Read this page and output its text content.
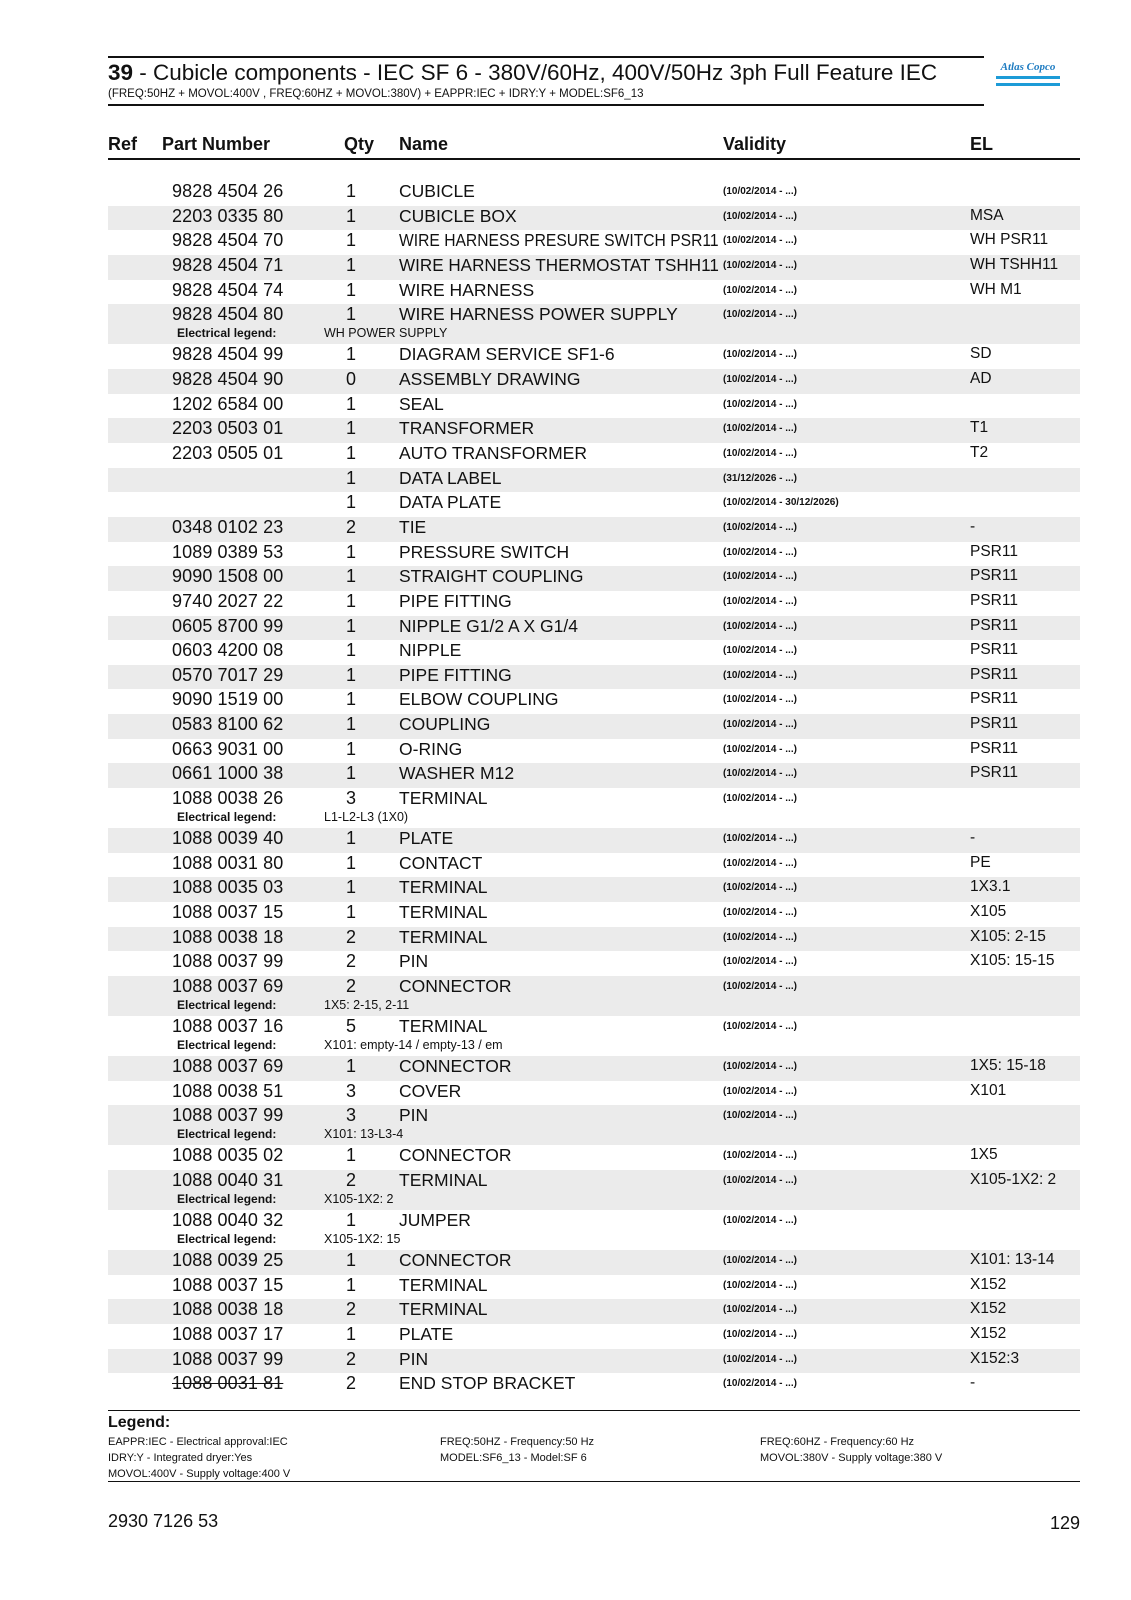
39 - Cubicle components - IEC SF 6 - 380V/60Hz, 400V/50Hz 3ph Full Feature IEC
(FREQ:50HZ + MOVOL:400V , FREQ:60HZ + MOVOL:380V) + EAPPR:IEC + IDRY:Y + MODEL:SF6_13
Atlas Copco
Ref Part Number	Qty Name	Validity	EL
9828 4504 26	1 CUBICLE	(10/02/2014 - ...)
2203 0335 80	1 CUBICLE BOX	(10/02/2014 - ...)	MSA
9828 4504 70	1 WIRE HARNESS PRESURE SWITCH PSR11 (10/02/2014 - ...)	WH PSR11
9828 4504 71	1 WIRE HARNESS THERMOSTAT TSHH11 (10/02/2014 - ...)	WH TSHH11
9828 4504 74	1 WIRE HARNESS	(10/02/2014 - ...)	WH M1
9828 4504 80	1 WIRE HARNESS POWER SUPPLY	(10/02/2014 - ...)
Electrical legend:	WH POWER SUPPLY
9828 4504 99	1 DIAGRAM SERVICE SF1-6	(10/02/2014 - ...)	SD
9828 4504 90	0 ASSEMBLY DRAWING	(10/02/2014 - ...)	AD
1202 6584 00	1 SEAL	(10/02/2014 - ...)
2203 0503 01	1 TRANSFORMER	(10/02/2014 - ...)	T1
2203 0505 01	1 AUTO TRANSFORMER	(10/02/2014 - ...)	T2
1 DATA LABEL	(31/12/2026 - ...)
1 DATA PLATE	(10/02/2014 - 30/12/2026)
0348 0102 23	2 TIE	(10/02/2014 - ...)	-
1089 0389 53	1 PRESSURE SWITCH	(10/02/2014 - ...)	PSR11
9090 1508 00	1 STRAIGHT COUPLING	(10/02/2014 - ...)	PSR11
9740 2027 22	1 PIPE FITTING	(10/02/2014 - ...)	PSR11
0605 8700 99	1 NIPPLE G1/2 A X G1/4	(10/02/2014 - ...)	PSR11
0603 4200 08	1 NIPPLE	(10/02/2014 - ...)	PSR11
0570 7017 29	1 PIPE FITTING	(10/02/2014 - ...)	PSR11
9090 1519 00	1 ELBOW COUPLING	(10/02/2014 - ...)	PSR11
0583 8100 62	1 COUPLING	(10/02/2014 - ...)	PSR11
0663 9031 00	1 O-RING	(10/02/2014 - ...)	PSR11
0661 1000 38	1 WASHER M12	(10/02/2014 - ...)	PSR11
1088 0038 26	3 TERMINAL	(10/02/2014 - ...)
Electrical legend:	L1-L2-L3 (1X0)
1088 0039 40	1 PLATE	(10/02/2014 - ...)	-
1088 0031 80	1 CONTACT	(10/02/2014 - ...)	PE
1088 0035 03	1 TERMINAL	(10/02/2014 - ...)	1X3.1
1088 0037 15	1 TERMINAL	(10/02/2014 - ...)	X105
1088 0038 18	2 TERMINAL	(10/02/2014 - ...)	X105: 2-15
1088 0037 99	2 PIN	(10/02/2014 - ...)	X105: 15-15
1088 0037 69	2 CONNECTOR	(10/02/2014 - ...)
Electrical legend:	1X5: 2-15, 2-11
1088 0037 16	5 TERMINAL	(10/02/2014 - ...)
Electrical legend:	X101: empty-14 / empty-13 / em
1088 0037 69	1 CONNECTOR	(10/02/2014 - ...)	1X5: 15-18
1088 0038 51	3 COVER	(10/02/2014 - ...)	X101
1088 0037 99	3 PIN	(10/02/2014 - ...)
Electrical legend:	X101: 13-L3-4
1088 0035 02	1 CONNECTOR	(10/02/2014 - ...)	1X5
1088 0040 31	2 TERMINAL	(10/02/2014 - ...)	X105-1X2: 2
Electrical legend:	X105-1X2: 2
1088 0040 32	1 JUMPER	(10/02/2014 - ...)
Electrical legend:	X105-1X2: 15
1088 0039 25	1 CONNECTOR	(10/02/2014 - ...)	X101: 13-14
1088 0037 15	1 TERMINAL	(10/02/2014 - ...)	X152
1088 0038 18	2 TERMINAL	(10/02/2014 - ...)	X152
1088 0037 17	1 PLATE	(10/02/2014 - ...)	X152
1088 0037 99	2 PIN	(10/02/2014 - ...)	X152:3
1088 0031 81	2 END STOP BRACKET	(10/02/2014 - ...)	-
Legend:
EAPPR:IEC - Electrical approval:IEC
IDRY:Y - Integrated dryer:Yes
MOVOL:400V - Supply voltage:400 V
FREQ:50HZ - Frequency:50 Hz
MODEL:SF6_13 - Model:SF 6
FREQ:60HZ - Frequency:60 Hz
MOVOL:380V - Supply voltage:380 V
2930 7126 53	129
